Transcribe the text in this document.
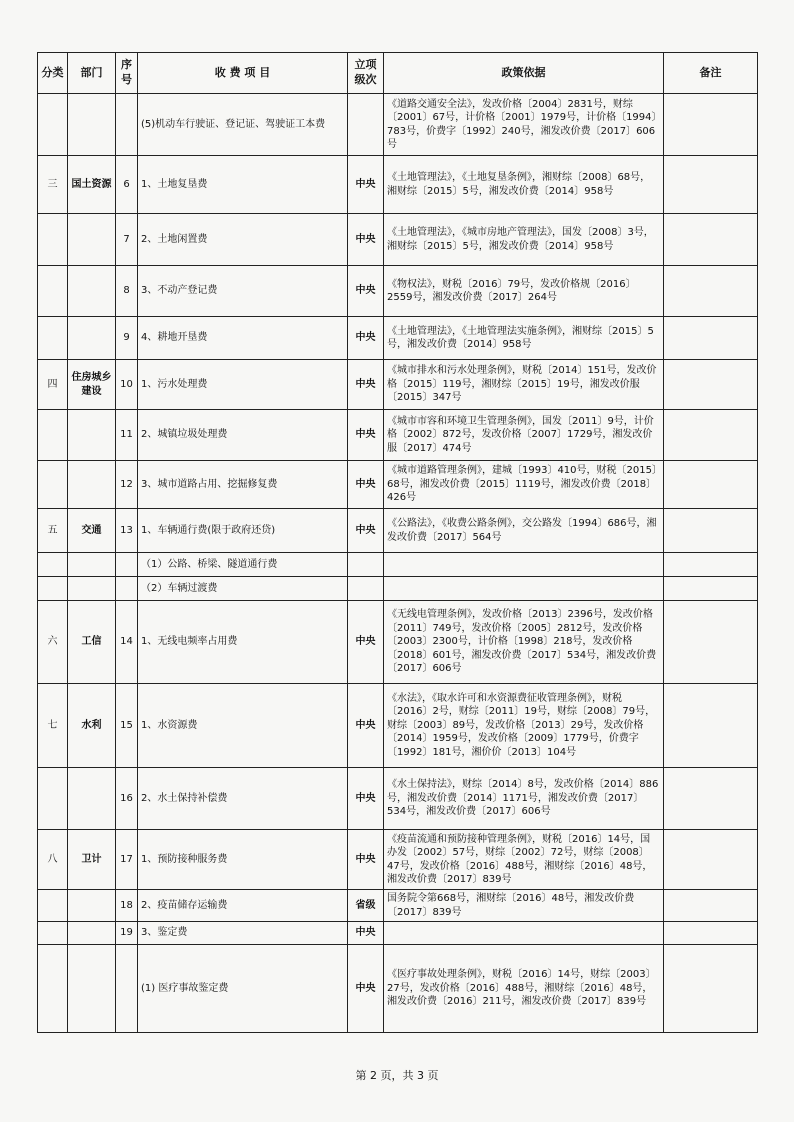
分类	部门	序号	收 费 项 目	立项级次	政策依据	备注
			(5)机动车行驶证、登记证、驾驶证工本费		《道路交通安全法》，发改价格〔2004〕2831号，财综〔2001〕67号，计价格〔2001〕1979号，计价格〔1994〕783号，价费字〔1992〕240号，湘发改价费〔2017〕606号	
三	国土资源	6	1、土地复垦费	中央	《土地管理法》，《土地复垦条例》，湘财综〔2008〕68号，湘财综〔2015〕5号，湘发改价费〔2014〕958号	
		7	2、土地闲置费	中央	《土地管理法》，《城市房地产管理法》，国发〔2008〕3号，湘财综〔2015〕5号，湘发改价费〔2014〕958号	
		8	3、不动产登记费	中央	《物权法》，财税〔2016〕79号，发改价格规〔2016〕2559号，湘发改价费〔2017〕264号	
		9	4、耕地开垦费	中央	《土地管理法》，《土地管理法实施条例》，湘财综〔2015〕5号，湘发改价费〔2014〕958号	
四	住房城乡建设	10	1、污水处理费	中央	《城市排水和污水处理条例》，财税〔2014〕151号，发改价格〔2015〕119号，湘财综〔2015〕19号，湘发改价服〔2015〕347号	
		11	2、城镇垃圾处理费	中央	《城市市容和环境卫生管理条例》，国发〔2011〕9号，计价格〔2002〕872号，发改价格〔2007〕1729号，湘发改价服〔2017〕474号	
		12	3、城市道路占用、挖掘修复费	中央	《城市道路管理条例》，建城〔1993〕410号，财税〔2015〕68号，湘发改价费〔2015〕1119号，湘发改价费〔2018〕426号	
五	交通	13	1、车辆通行费(限于政府还贷)	中央	《公路法》，《收费公路条例》，交公路发〔1994〕686号，湘发改价费〔2017〕564号	
			（1）公路、桥梁、隧道通行费			
			（2）车辆过渡费			
六	工信	14	1、无线电频率占用费	中央	《无线电管理条例》，发改价格〔2013〕2396号，发改价格〔2011〕749号，发改价格〔2005〕2812号，发改价格〔2003〕2300号，计价格〔1998〕218号，发改价格〔2018〕601号，湘发改价费〔2017〕534号，湘发改价费〔2017〕606号	
七	水利	15	1、水资源费	中央	《水法》，《取水许可和水资源费征收管理条例》，财税〔2016〕2号，财综〔2011〕19号，财综〔2008〕79号，财综〔2003〕89号，发改价格〔2013〕29号，发改价格〔2014〕1959号，发改价格〔2009〕1779号，价费字〔1992〕181号，湘价价〔2013〕104号	
		16	2、水土保持补偿费	中央	《水土保持法》，财综〔2014〕8号，发改价格〔2014〕886号，湘发改价费〔2014〕1171号，湘发改价费〔2017〕534号，湘发改价费〔2017〕606号	
八	卫计	17	1、预防接种服务费	中央	《疫苗流通和预防接种管理条例》，财税〔2016〕14号，国办发〔2002〕57号，财综〔2002〕72号，财综〔2008〕47号，发改价格〔2016〕488号，湘财综〔2016〕48号，湘发改价费〔2017〕839号	
		18	2、疫苗储存运输费	省级	国务院令第668号，湘财综〔2016〕48号，湘发改价费〔2017〕839号	
		19	3、鉴定费	中央		
			(1) 医疗事故鉴定费	中央	《医疗事故处理条例》，财税〔2016〕14号，财综〔2003〕27号，发改价格〔2016〕488号，湘财综〔2016〕48号，湘发改价费〔2016〕211号，湘发改价费〔2017〕839号	
第 2 页，共 3 页
